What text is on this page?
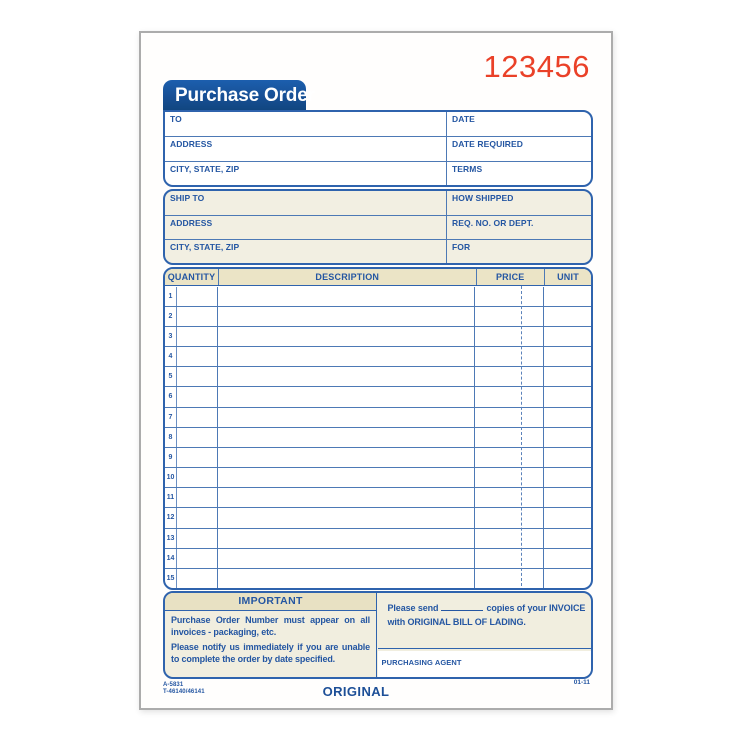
123456
Purchase Order
TO	DATE
ADDRESS	DATE REQUIRED
CITY, STATE, ZIP	TERMS
SHIP TO	HOW SHIPPED
ADDRESS	REQ. NO. OR DEPT.
CITY, STATE, ZIP	FOR
QUANTITY	DESCRIPTION	PRICE	UNIT
1
2
3
4
5
6
7
8
9
10
11
12
13
14
15
IMPORTANT

Purchase Order Number must appear on all invoices - packaging, etc.

Please notify us immediately if you are unable to complete the order by date specified.

Please send	copies of your INVOICE with ORIGINAL BILL OF LADING.
PURCHASING AGENT
A-5831
T-46140/46141	ORIGINAL
01-11
